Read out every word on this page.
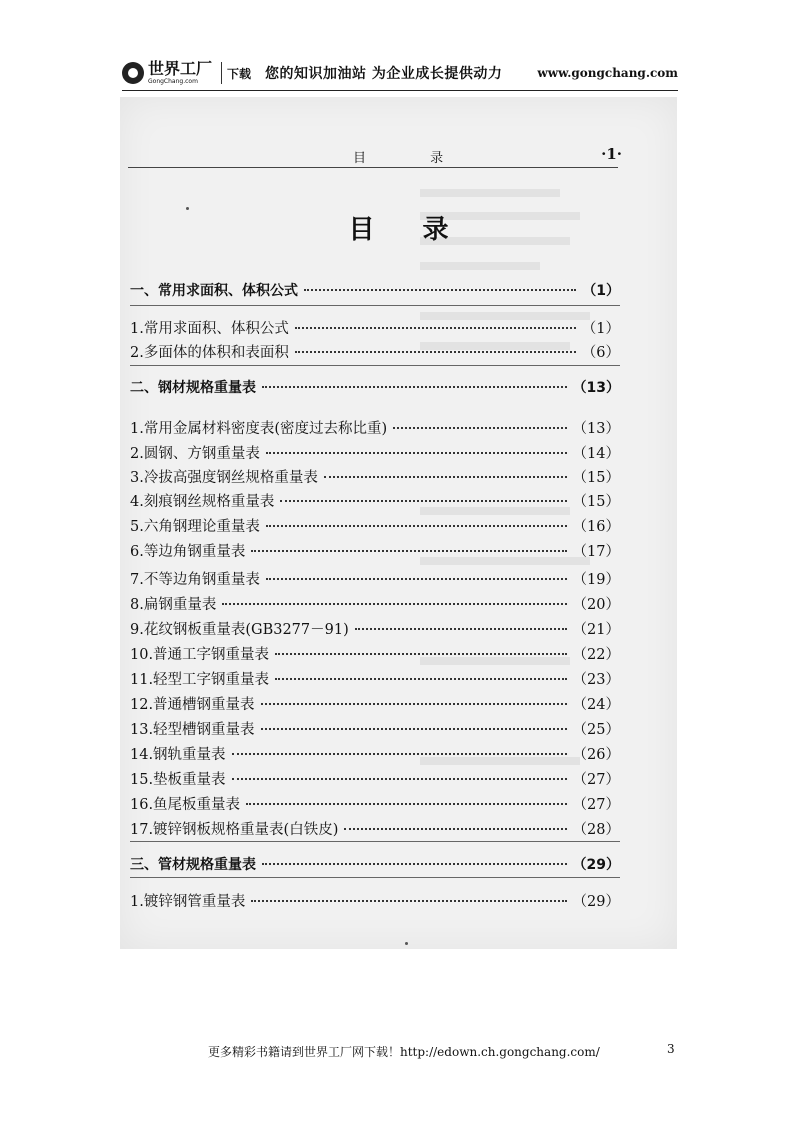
世界工厂
GongChang.com
下载 您的知识加油站 为企业成长提供动力	www.gongchang.com
目 录	·1·
目 录
一、常用求面积、体积公式	（1）
1.常用求面积、体积公式	（1）
2.多面体的体积和表面积	（6）
二、钢材规格重量表	（13）
1.常用金属材料密度表(密度过去称比重)	（13）
2.圆钢、方钢重量表	（14）
3.冷拔高强度钢丝规格重量表	（15）
4.刻痕钢丝规格重量表	（15）
5.六角钢理论重量表	（16）
6.等边角钢重量表	（17）
7.不等边角钢重量表	（19）
8.扁钢重量表	（20）
9.花纹钢板重量表(GB3277－91)	（21）
10.普通工字钢重量表	（22）
11.轻型工字钢重量表	（23）
12.普通槽钢重量表	（24）
13.轻型槽钢重量表	（25）
14.钢轨重量表	（26）
15.垫板重量表	（27）
16.鱼尾板重量表	（27）
17.镀锌钢板规格重量表(白铁皮)	（28）
三、管材规格重量表	（29）
1.镀锌钢管重量表	（29）
更多精彩书籍请到世界工厂网下载！http://edown.ch.gongchang.com/	3
